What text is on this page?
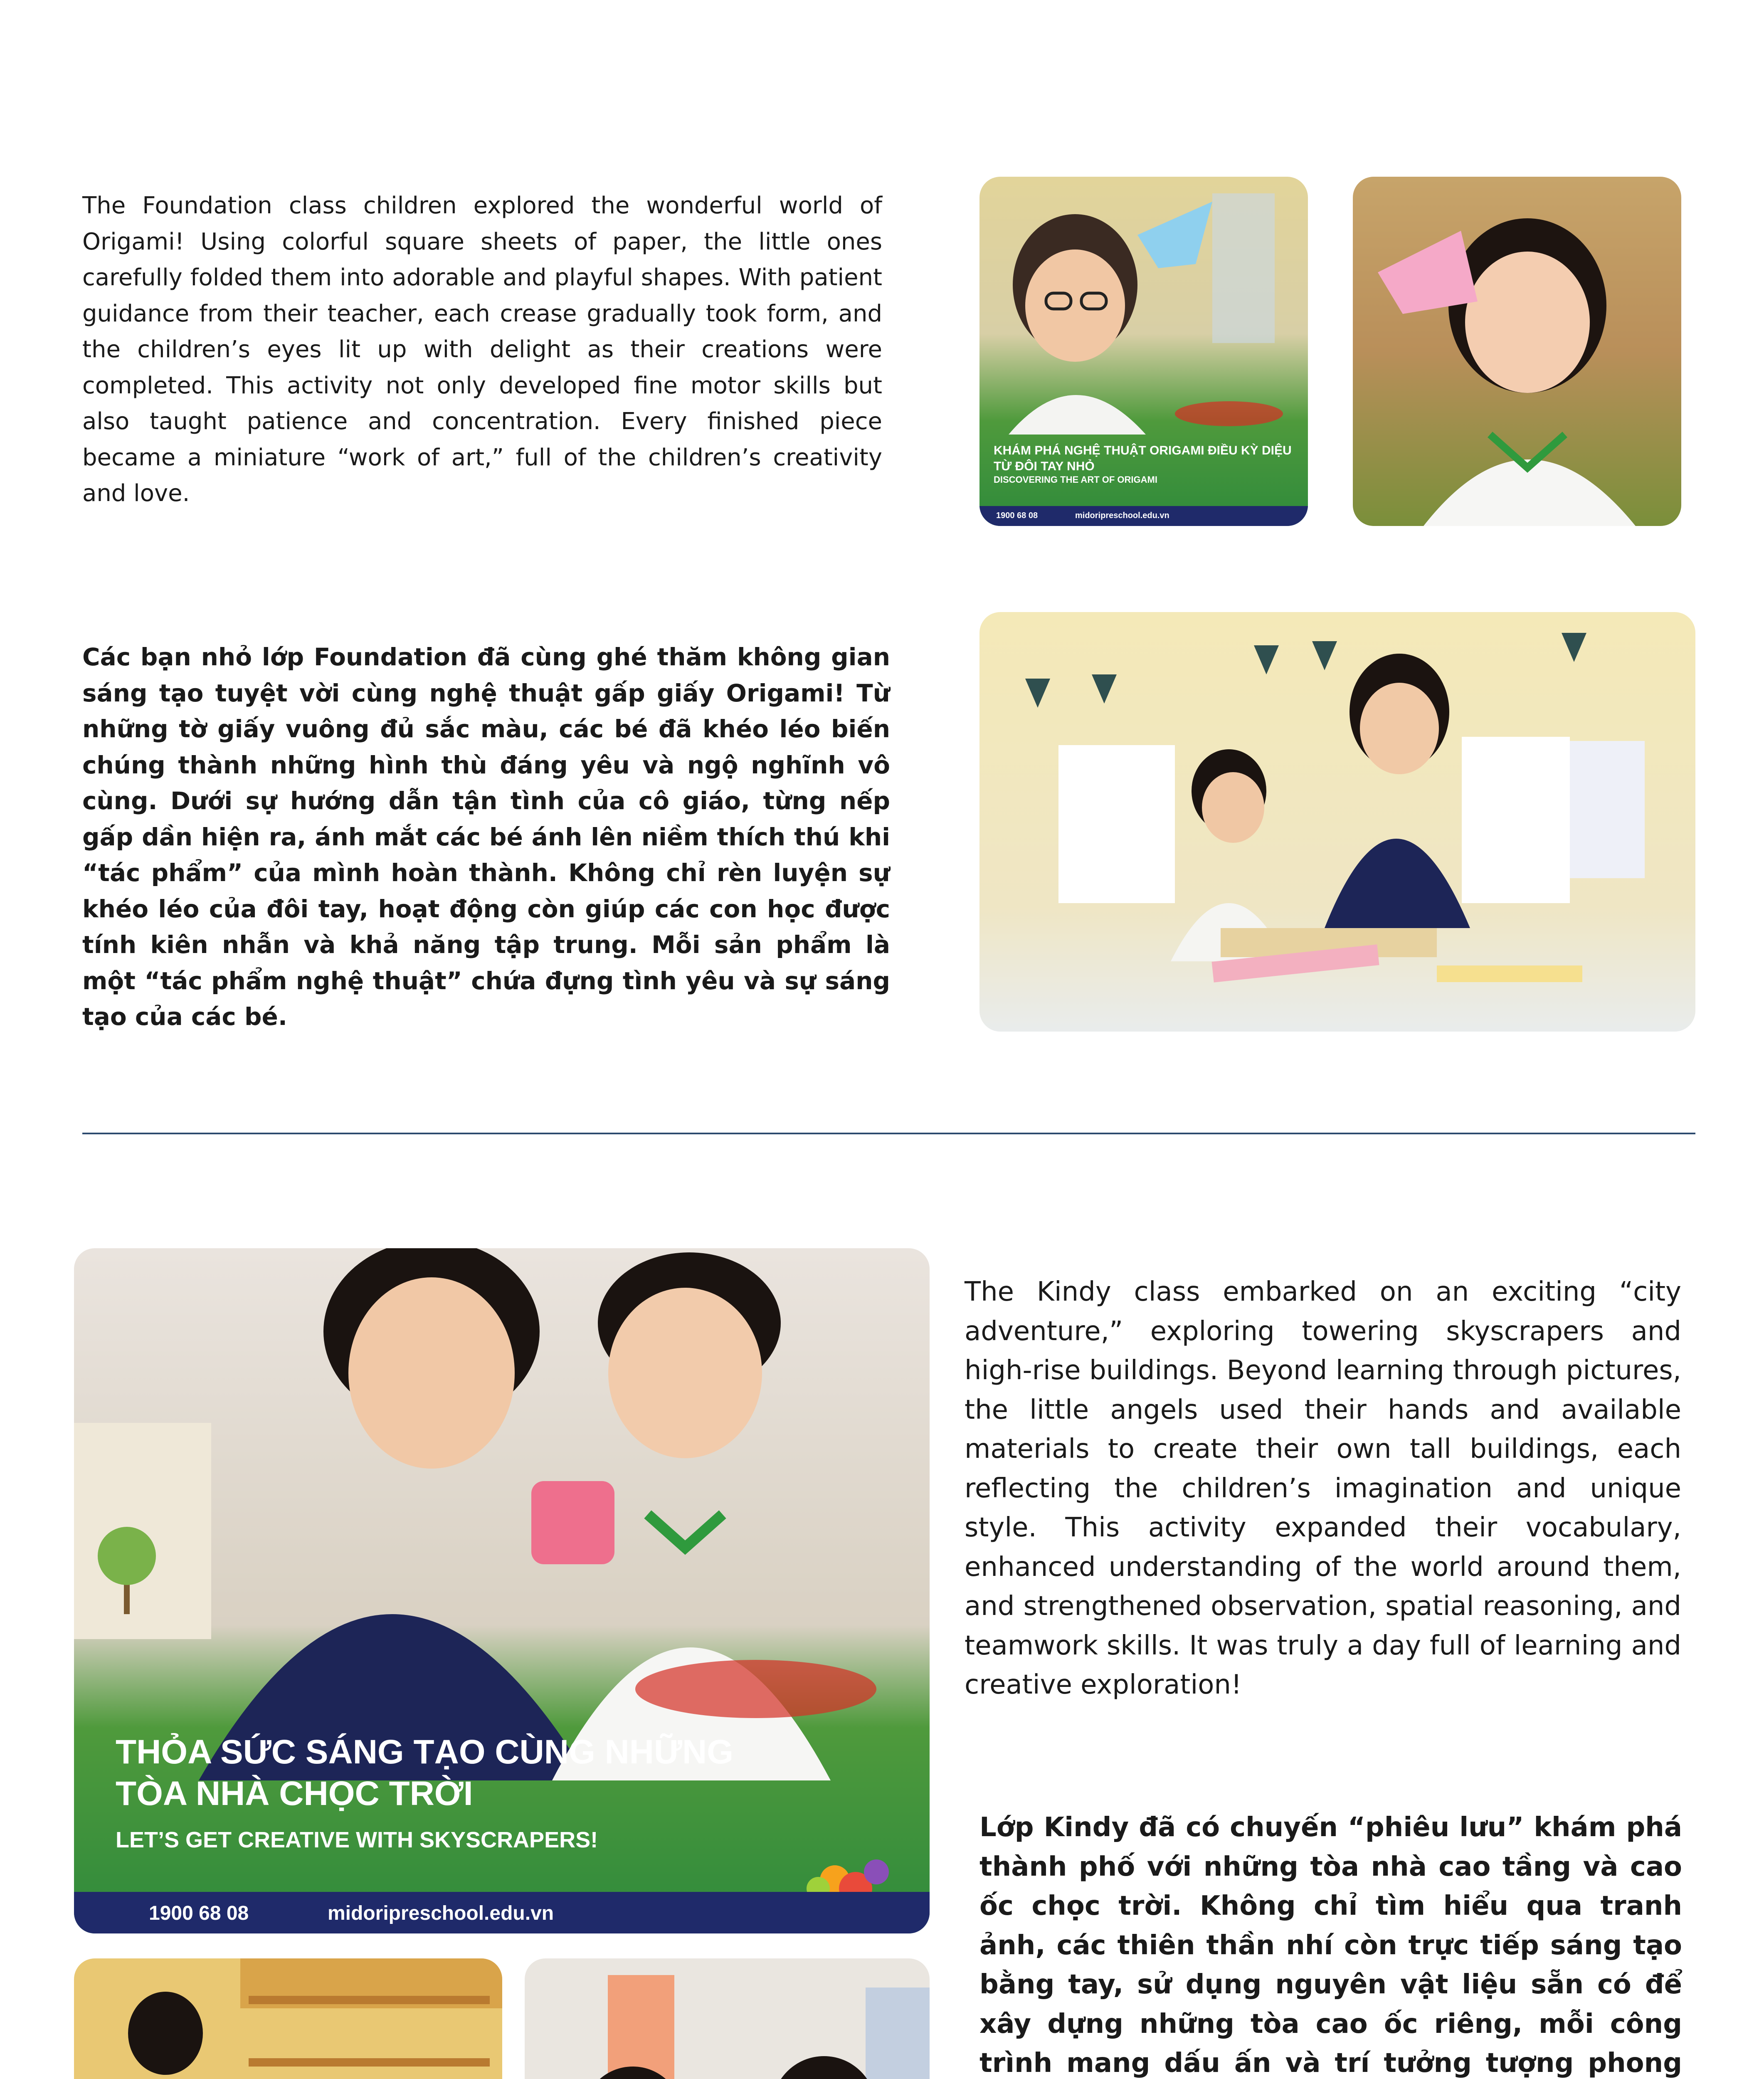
The Foundation class children explored the wonderful world of Origami! Using colorful square sheets of paper, the little ones carefully folded them into adorable and playful shapes. With patient guidance from their teacher, each crease gradually took form, and the children’s eyes lit up with delight as their creations were completed. This activity not only developed fine motor skills but also taught patience and concentration. Every finished piece became a miniature “work of art,” full of the children’s creativity and love.

KHÁM PHÁ NGHỆ THUẬT ORIGAMI ĐIỀU KỲ DIỆU TỪ ĐÔI TAY NHỎ
DISCOVERING THE ART OF ORIGAMI
1900 68 08	midoripreschool.edu.vn

Các bạn nhỏ lớp Foundation đã cùng ghé thăm không gian sáng tạo tuyệt vời cùng nghệ thuật gấp giấy Origami! Từ những tờ giấy vuông đủ sắc màu, các bé đã khéo léo biến chúng thành những hình thù đáng yêu và ngộ nghĩnh vô cùng. Dưới sự hướng dẫn tận tình của cô giáo, từng nếp gấp dần hiện ra, ánh mắt các bé ánh lên niềm thích thú khi “tác phẩm” của mình hoàn thành. Không chỉ rèn luyện sự khéo léo của đôi tay, hoạt động còn giúp các con học được tính kiên nhẫn và khả năng tập trung. Mỗi sản phẩm là một “tác phẩm nghệ thuật” chứa đựng tình yêu và sự sáng tạo của các bé.

THỎA SỨC SÁNG TẠO CÙNG NHỮNG TÒA NHÀ CHỌC TRỜI
LET’S GET CREATIVE WITH SKYSCRAPERS!
1900 68 08	midoripreschool.edu.vn

The Kindy class embarked on an exciting “city adventure,” exploring towering skyscrapers and high-rise buildings. Beyond learning through pictures, the little angels used their hands and available materials to create their own tall buildings, each reflecting the children’s imagination and unique style. This activity expanded their vocabulary, enhanced understanding of the world around them, and strengthened observation, spatial reasoning, and teamwork skills. It was truly a day full of learning and creative exploration!

Lớp Kindy đã có chuyến “phiêu lưu” khám phá thành phố với những tòa nhà cao tầng và cao ốc chọc trời. Không chỉ tìm hiểu qua tranh ảnh, các thiên thần nhí còn trực tiếp sáng tạo bằng tay, sử dụng nguyên vật liệu sẵn có để xây dựng những tòa cao ốc riêng, mỗi công trình mang dấu ấn và trí tưởng tượng phong
